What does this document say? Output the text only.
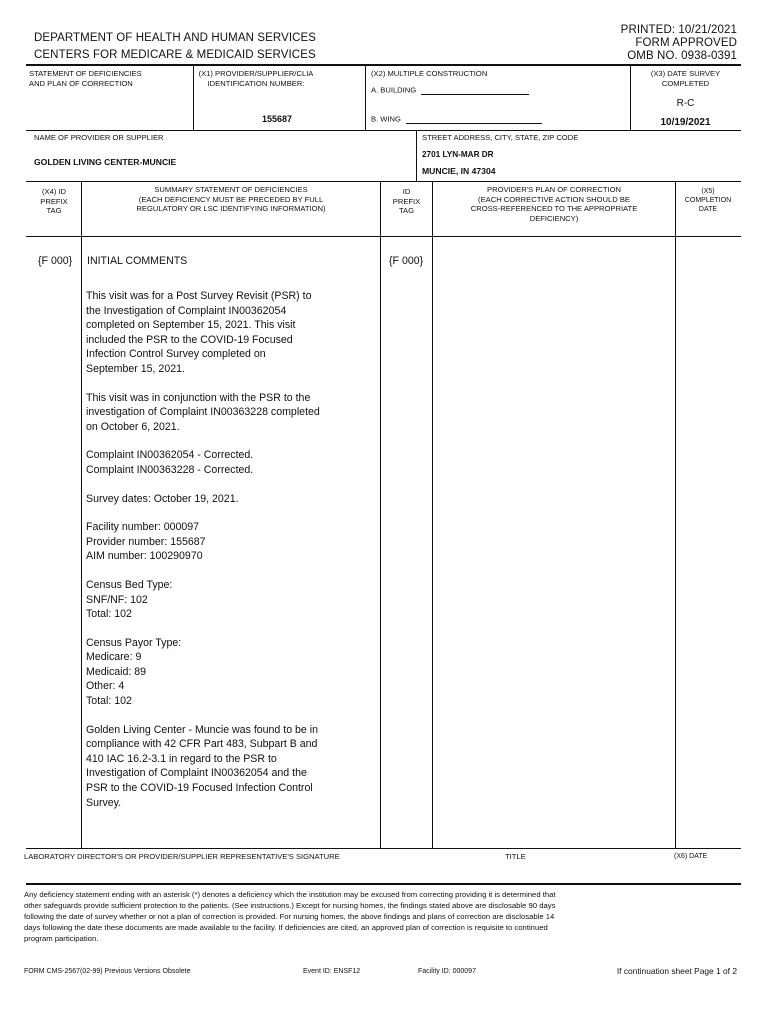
DEPARTMENT OF HEALTH AND HUMAN SERVICES
CENTERS FOR MEDICARE & MEDICAID SERVICES
PRINTED: 10/21/2021
FORM APPROVED
OMB NO. 0938-0391
STATEMENT OF DEFICIENCIES
AND PLAN OF CORRECTION
(X1) PROVIDER/SUPPLIER/CLIA
IDENTIFICATION NUMBER:
155687
(X2) MULTIPLE CONSTRUCTION
A. BUILDING
B. WING
(X3) DATE SURVEY
COMPLETED
R-C
10/19/2021
NAME OF PROVIDER OR SUPPLIER
GOLDEN LIVING CENTER-MUNCIE
STREET ADDRESS, CITY, STATE, ZIP CODE
2701 LYN-MAR DR
MUNCIE, IN 47304
(X4) ID
PREFIX
TAG
SUMMARY STATEMENT OF DEFICIENCIES
(EACH DEFICIENCY MUST BE PRECEDED BY FULL
REGULATORY OR LSC IDENTIFYING INFORMATION)
ID
PREFIX
TAG
PROVIDER'S PLAN OF CORRECTION
(EACH CORRECTIVE ACTION SHOULD BE
CROSS-REFERENCED TO THE APPROPRIATE
DEFICIENCY)
(X5)
COMPLETION
DATE
{F 000}	{F 000}
INITIAL COMMENTS

This visit was for a Post Survey Revisit (PSR) to
the Investigation of Complaint IN00362054
completed on September 15, 2021. This visit
included the PSR to the COVID-19 Focused
Infection Control Survey completed on
September 15, 2021.

This visit was in conjunction with the PSR to the
investigation of Complaint IN00363228 completed
on October 6, 2021.

Complaint IN00362054 - Corrected.
Complaint IN00363228 - Corrected.

Survey dates: October 19, 2021.

Facility number: 000097
Provider number: 155687
AIM number: 100290970

Census Bed Type:
SNF/NF: 102
Total: 102

Census Payor Type:
Medicare: 9
Medicaid: 89
Other: 4
Total: 102

Golden Living Center - Muncie was found to be in
compliance with 42 CFR Part 483, Subpart B and
410 IAC 16.2-3.1 in regard to the PSR to
Investigation of Complaint IN00362054 and the
PSR to the COVID-19 Focused Infection Control
Survey.

LABORATORY DIRECTOR'S OR PROVIDER/SUPPLIER REPRESENTATIVE'S SIGNATURE	TITLE	(X6) DATE
Any deficiency statement ending with an asterisk (*) denotes a deficiency which the institution may be excused from correcting providing it is determined that
other safeguards provide sufficient protection to the patients. (See instructions.) Except for nursing homes, the findings stated above are disclosable 90 days
following the date of survey whether or not a plan of correction is provided. For nursing homes, the above findings and plans of correction are disclosable 14
days following the date these documents are made available to the facility. If deficiencies are cited, an approved plan of correction is requisite to continued
program participation.
FORM CMS-2567(02-99) Previous Versions Obsolete	Event ID: ENSF12	Facility ID: 000097	If continuation sheet Page 1 of 2
